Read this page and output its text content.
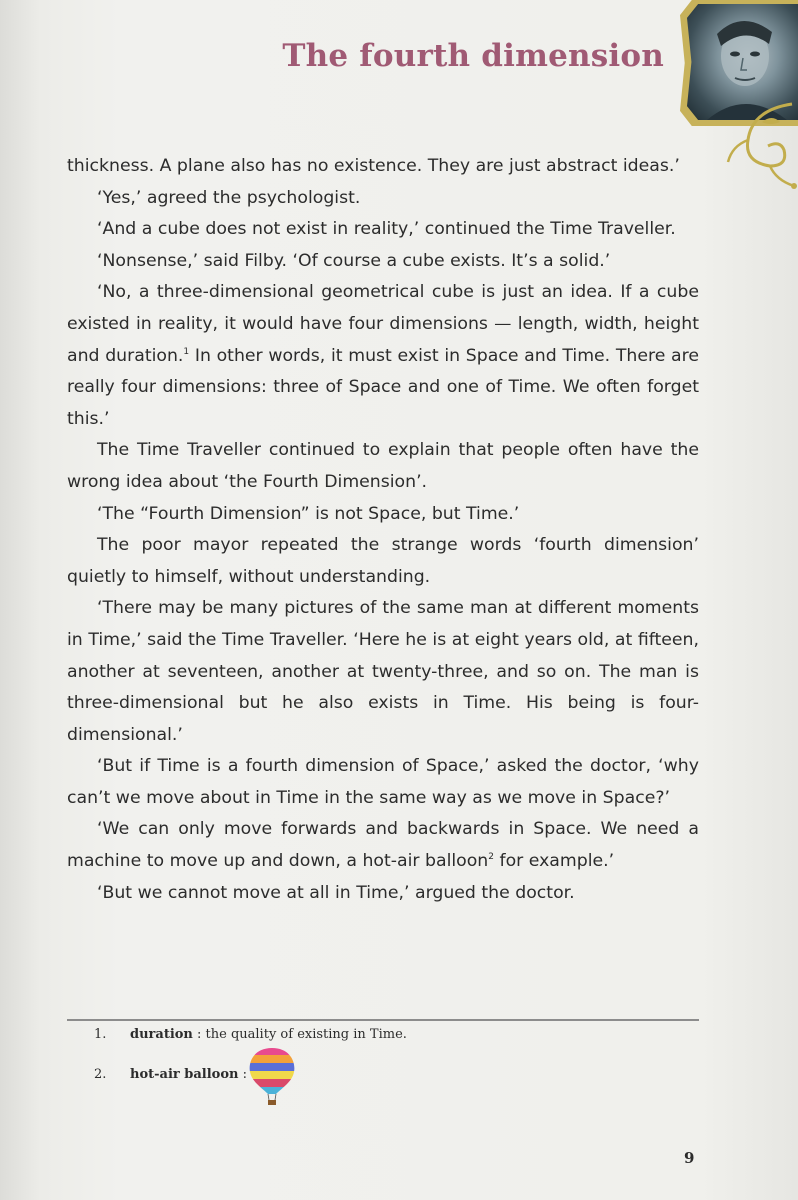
The fourth dimension

thickness. A plane also has no existence. They are just abstract ideas.’

‘Yes,’ agreed the psychologist.

‘And a cube does not exist in reality,’ continued the Time Traveller.

‘Nonsense,’ said Filby. ‘Of course a cube exists. It’s a solid.’

‘No, a three-dimensional geometrical cube is just an idea. If a cube existed in reality, it would have four dimensions — length, width, height and duration.$^1$ In other words, it must exist in Space and Time. There are really four dimensions: three of Space and one of Time. We often forget this.’

The Time Traveller continued to explain that people often have the wrong idea about ‘the Fourth Dimension’.

‘The “Fourth Dimension” is not Space, but Time.’

The poor mayor repeated the strange words ‘fourth dimension’ quietly to himself, without understanding.

‘There may be many pictures of the same man at different moments in Time,’ said the Time Traveller. ‘Here he is at eight years old, at fifteen, another at seventeen, another at twenty-three, and so on. The man is three-dimensional but he also exists in Time. His being is four-dimensional.’

‘But if Time is a fourth dimension of Space,’ asked the doctor, ‘why can’t we move about in Time in the same way as we move in Space?’

‘We can only move forwards and backwards in Space. We need a machine to move up and down, a hot-air balloon$^2$ for example.’

‘But we cannot move at all in Time,’ argued the doctor.

1. duration : the quality of existing in Time.
2. hot-air balloon :
9
